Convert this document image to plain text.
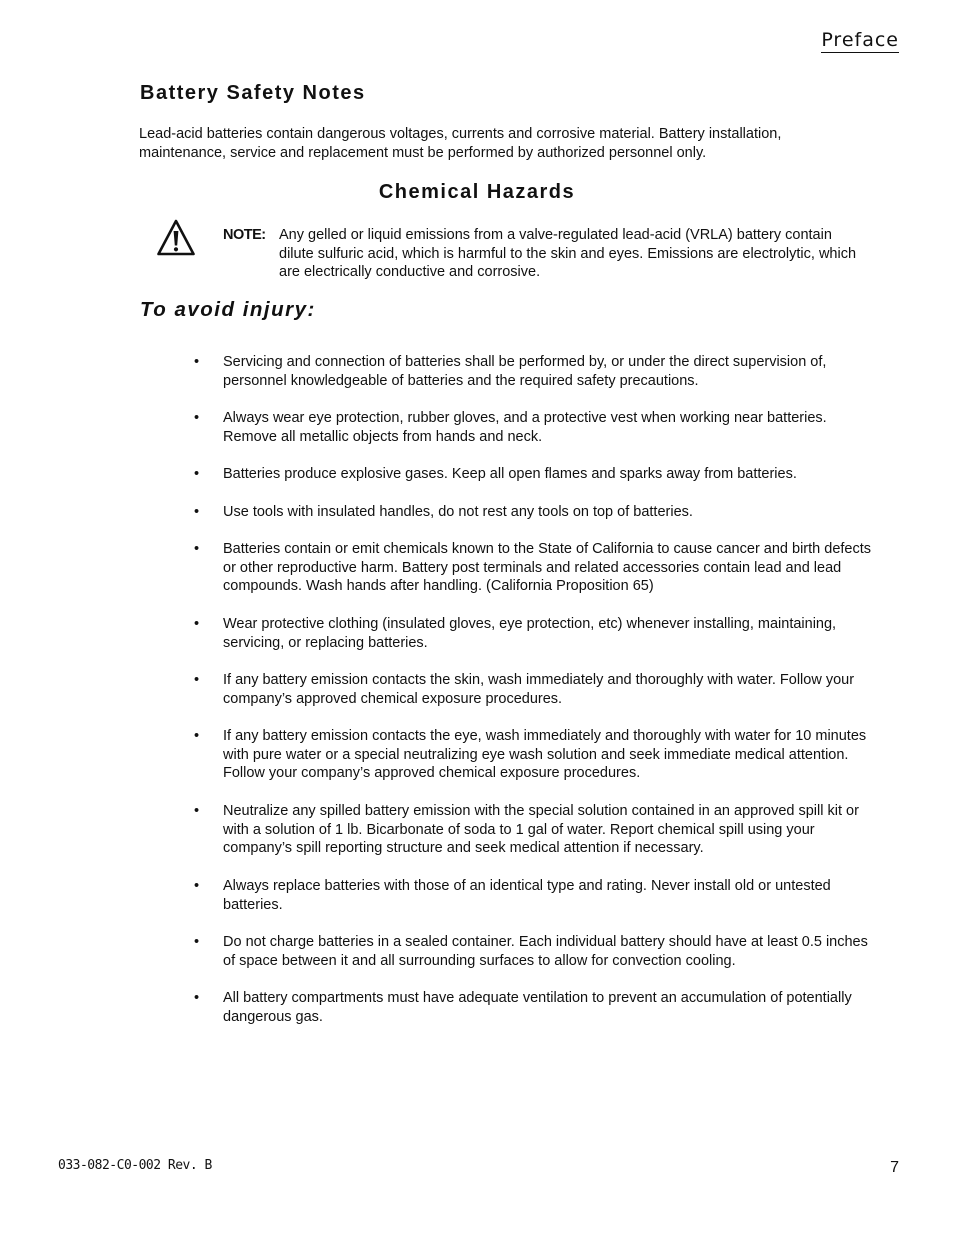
Preface
Battery Safety Notes

Lead-acid batteries contain dangerous voltages, currents and corrosive material. Battery installation, maintenance, service and replacement must be performed by authorized personnel only.

Chemical Hazards
NOTE: Any gelled or liquid emissions from a valve-regulated lead-acid (VRLA) battery contain dilute sulfuric acid, which is harmful to the skin and eyes. Emissions are electrolytic, which are electrically conductive and corrosive.
To avoid injury:
• Servicing and connection of batteries shall be performed by, or under the direct supervision of, personnel knowledgeable of batteries and the required safety precautions.
• Always wear eye protection, rubber gloves, and a protective vest when working near batteries. Remove all metallic objects from hands and neck.
• Batteries produce explosive gases. Keep all open flames and sparks away from batteries.
• Use tools with insulated handles, do not rest any tools on top of batteries.
• Batteries contain or emit chemicals known to the State of California to cause cancer and birth defects or other reproductive harm. Battery post terminals and related accessories contain lead and lead compounds. Wash hands after handling. (California Proposition 65)
• Wear protective clothing (insulated gloves, eye protection, etc) whenever installing, maintaining, servicing, or replacing batteries.
• If any battery emission contacts the skin, wash immediately and thoroughly with water. Follow your company’s approved chemical exposure procedures.
• If any battery emission contacts the eye, wash immediately and thoroughly with water for 10 minutes with pure water or a special neutralizing eye wash solution and seek immediate medical attention. Follow your company’s approved chemical exposure procedures.
• Neutralize any spilled battery emission with the special solution contained in an approved spill kit or with a solution of 1 lb. Bicarbonate of soda to 1 gal of water. Report chemical spill using your company’s spill reporting structure and seek medical attention if necessary.
• Always replace batteries with those of an identical type and rating. Never install old or untested batteries.
• Do not charge batteries in a sealed container. Each individual battery should have at least 0.5 inches of space between it and all surrounding surfaces to allow for convection cooling.
• All battery compartments must have adequate ventilation to prevent an accumulation of potentially dangerous gas.
033-082-C0-002 Rev. B	7
